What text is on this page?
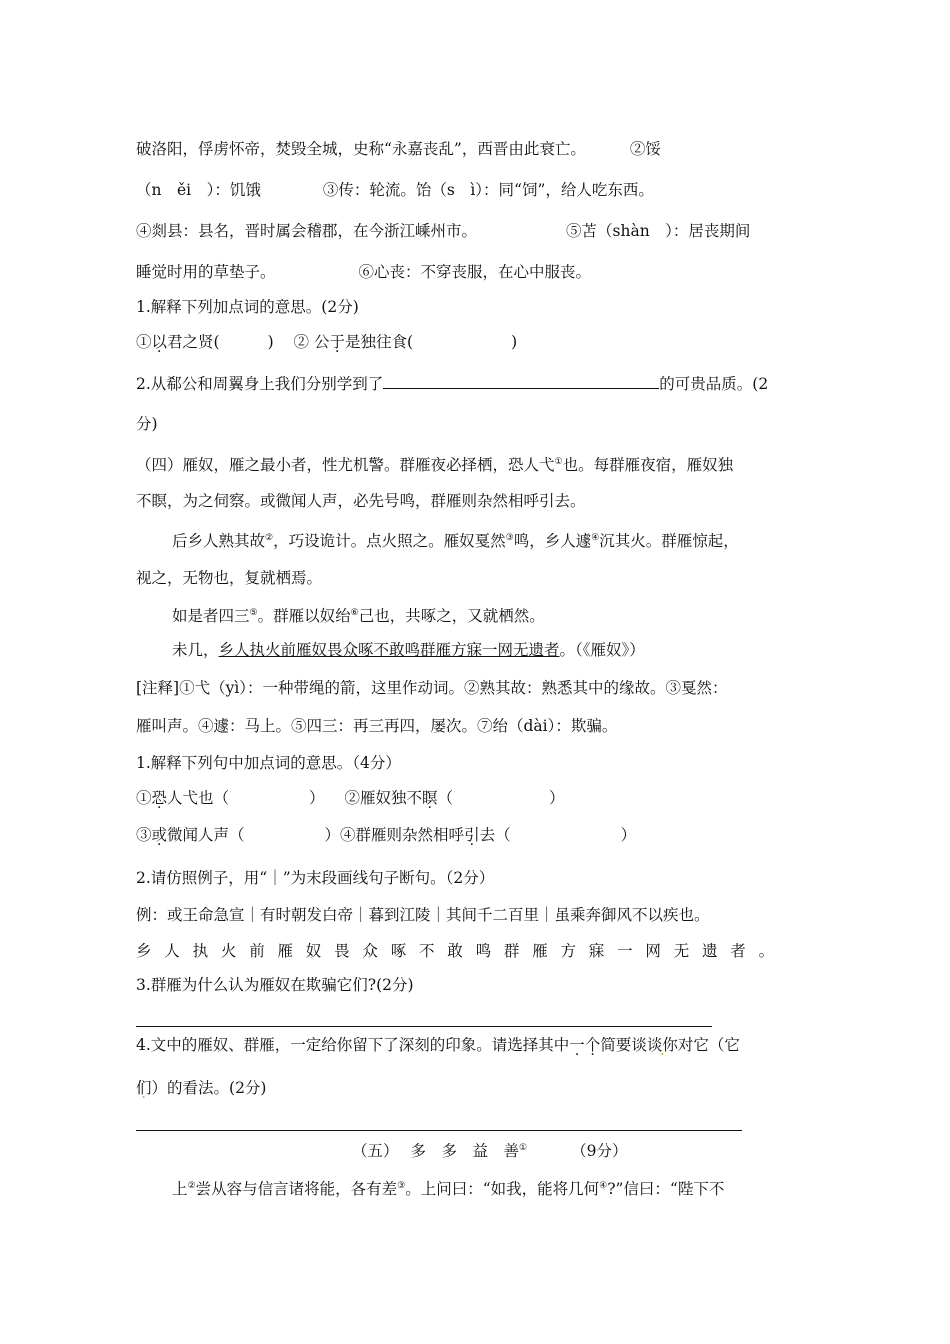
破洛阳，俘虏怀帝，焚毁全城，史称“永嘉丧乱”，西晋由此衰亡。	②馁
（n　ěi　）：饥饿	③传：轮流。饴（s　ì）：同“饲”，给人吃东西。
④剡县：县名，晋时属会稽郡，在今浙江嵊州市。	⑤苫（shàn　）：居丧期间
睡觉时用的草垫子。	⑥心丧：不穿丧服，在心中服丧。
1.解释下列加点词的意思。(2分)
①以君之贤(	) ② 公于是独往食(	)
2.从郗公和周翼身上我们分别学到了	的可贵品质。(2
分)
（四）雁奴，雁之最小者，性尤机警。群雁夜必择栖，恐人弋①也。每群雁夜宿，雁奴独
不瞑，为之伺察。或微闻人声，必先号鸣，群雁则杂然相呼引去。
后乡人熟其故②，巧设诡计。点火照之。雁奴戛然③鸣，乡人遽④沉其火。群雁惊起，
视之，无物也，复就栖焉。
如是者四三⑤。群雁以奴绐⑥己也，共啄之，又就栖然。
未几，乡人执火前雁奴畏众啄不敢鸣群雁方寐一网无遗者。（《雁奴》）
[注释]①弋（yì）：一种带绳的箭，这里作动词。②熟其故：熟悉其中的缘故。③戛然：
雁叫声。④遽：马上。⑤四三：再三再四，屡次。⑦绐（dài）：欺骗。
1.解释下列句中加点词的意思。（4分）
①恐人弋也（	） ②雁奴独不瞑（	）
③或微闻人声（	）④群雁则杂然相呼引去（	）
2.请仿照例子，用“｜”为末段画线句子断句。（2分）
例：或王命急宣｜有时朝发白帝｜暮到江陵｜其间千二百里｜虽乘奔御风不以疾也。
乡人执火前雁奴畏众啄不敢鸣群雁方寐一网无遗者。
3.群雁为什么认为雁奴在欺骗它们?(2分)
4.文中的雁奴、群雁，一定给你留下了深刻的印象。请选择其中一个简要谈谈你对它（它
们）的看法。(2分)
（五） 多　多　益　善①	（9分）
上②尝从容与信言诸将能，各有差③。上问曰：“如我，能将几何④?”信曰：“陛下不
